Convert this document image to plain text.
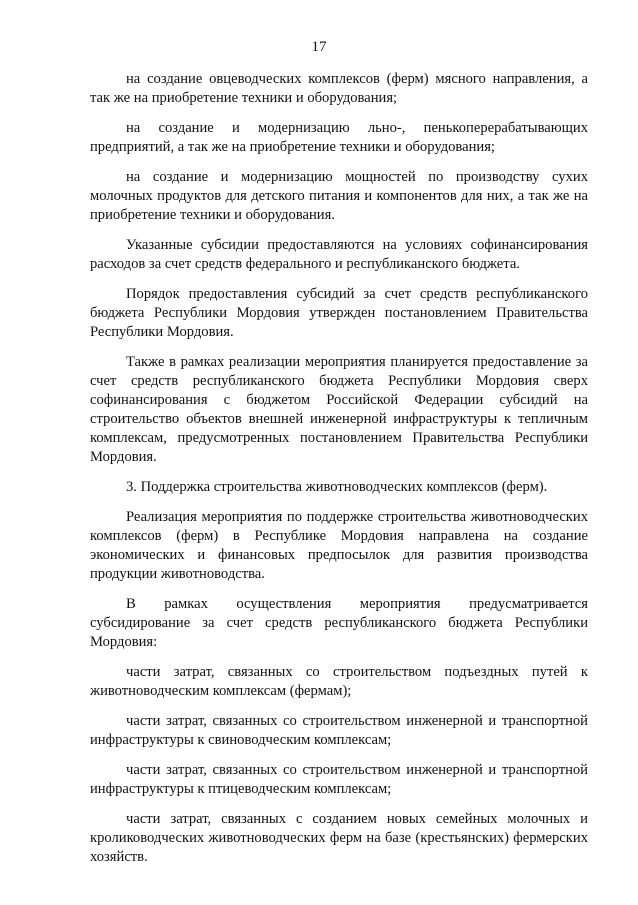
17

на создание овцеводческих комплексов (ферм) мясного направления, а так же на приобретение техники и оборудования;

на создание и модернизацию льно-, пенькоперерабатывающих предприятий, а так же на приобретение техники и оборудования;

на создание и модернизацию мощностей по производству сухих молочных продуктов для детского питания и компонентов для них, а так же на приобретение техники и оборудования.

Указанные субсидии предоставляются на условиях софинансирования расходов за счет средств федерального и республиканского бюджета.

Порядок предоставления субсидий за счет средств республиканского бюджета Республики Мордовия утвержден постановлением Правительства Республики Мордовия.

Также в рамках реализации мероприятия планируется предоставление за счет средств республиканского бюджета Республики Мордовия сверх софинансирования с бюджетом Российской Федерации субсидий на строительство объектов внешней инженерной инфраструктуры к тепличным комплексам, предусмотренных постановлением Правительства Республики Мордовия.

3. Поддержка строительства животноводческих комплексов (ферм).

Реализация мероприятия по поддержке строительства животноводческих комплексов (ферм) в Республике Мордовия направлена на создание экономических и финансовых предпосылок для развития производства продукции животноводства.

В рамках осуществления мероприятия предусматривается субсидирование за счет средств республиканского бюджета Республики Мордовия:

части затрат, связанных со строительством подъездных путей к животноводческим комплексам (фермам);

части затрат, связанных со строительством инженерной и транспортной инфраструктуры к свиноводческим комплексам;

части затрат, связанных со строительством инженерной и транспортной инфраструктуры к птицеводческим комплексам;

части затрат, связанных с созданием новых семейных молочных и кролиководческих животноводческих ферм на базе (крестьянских) фермерских хозяйств.
